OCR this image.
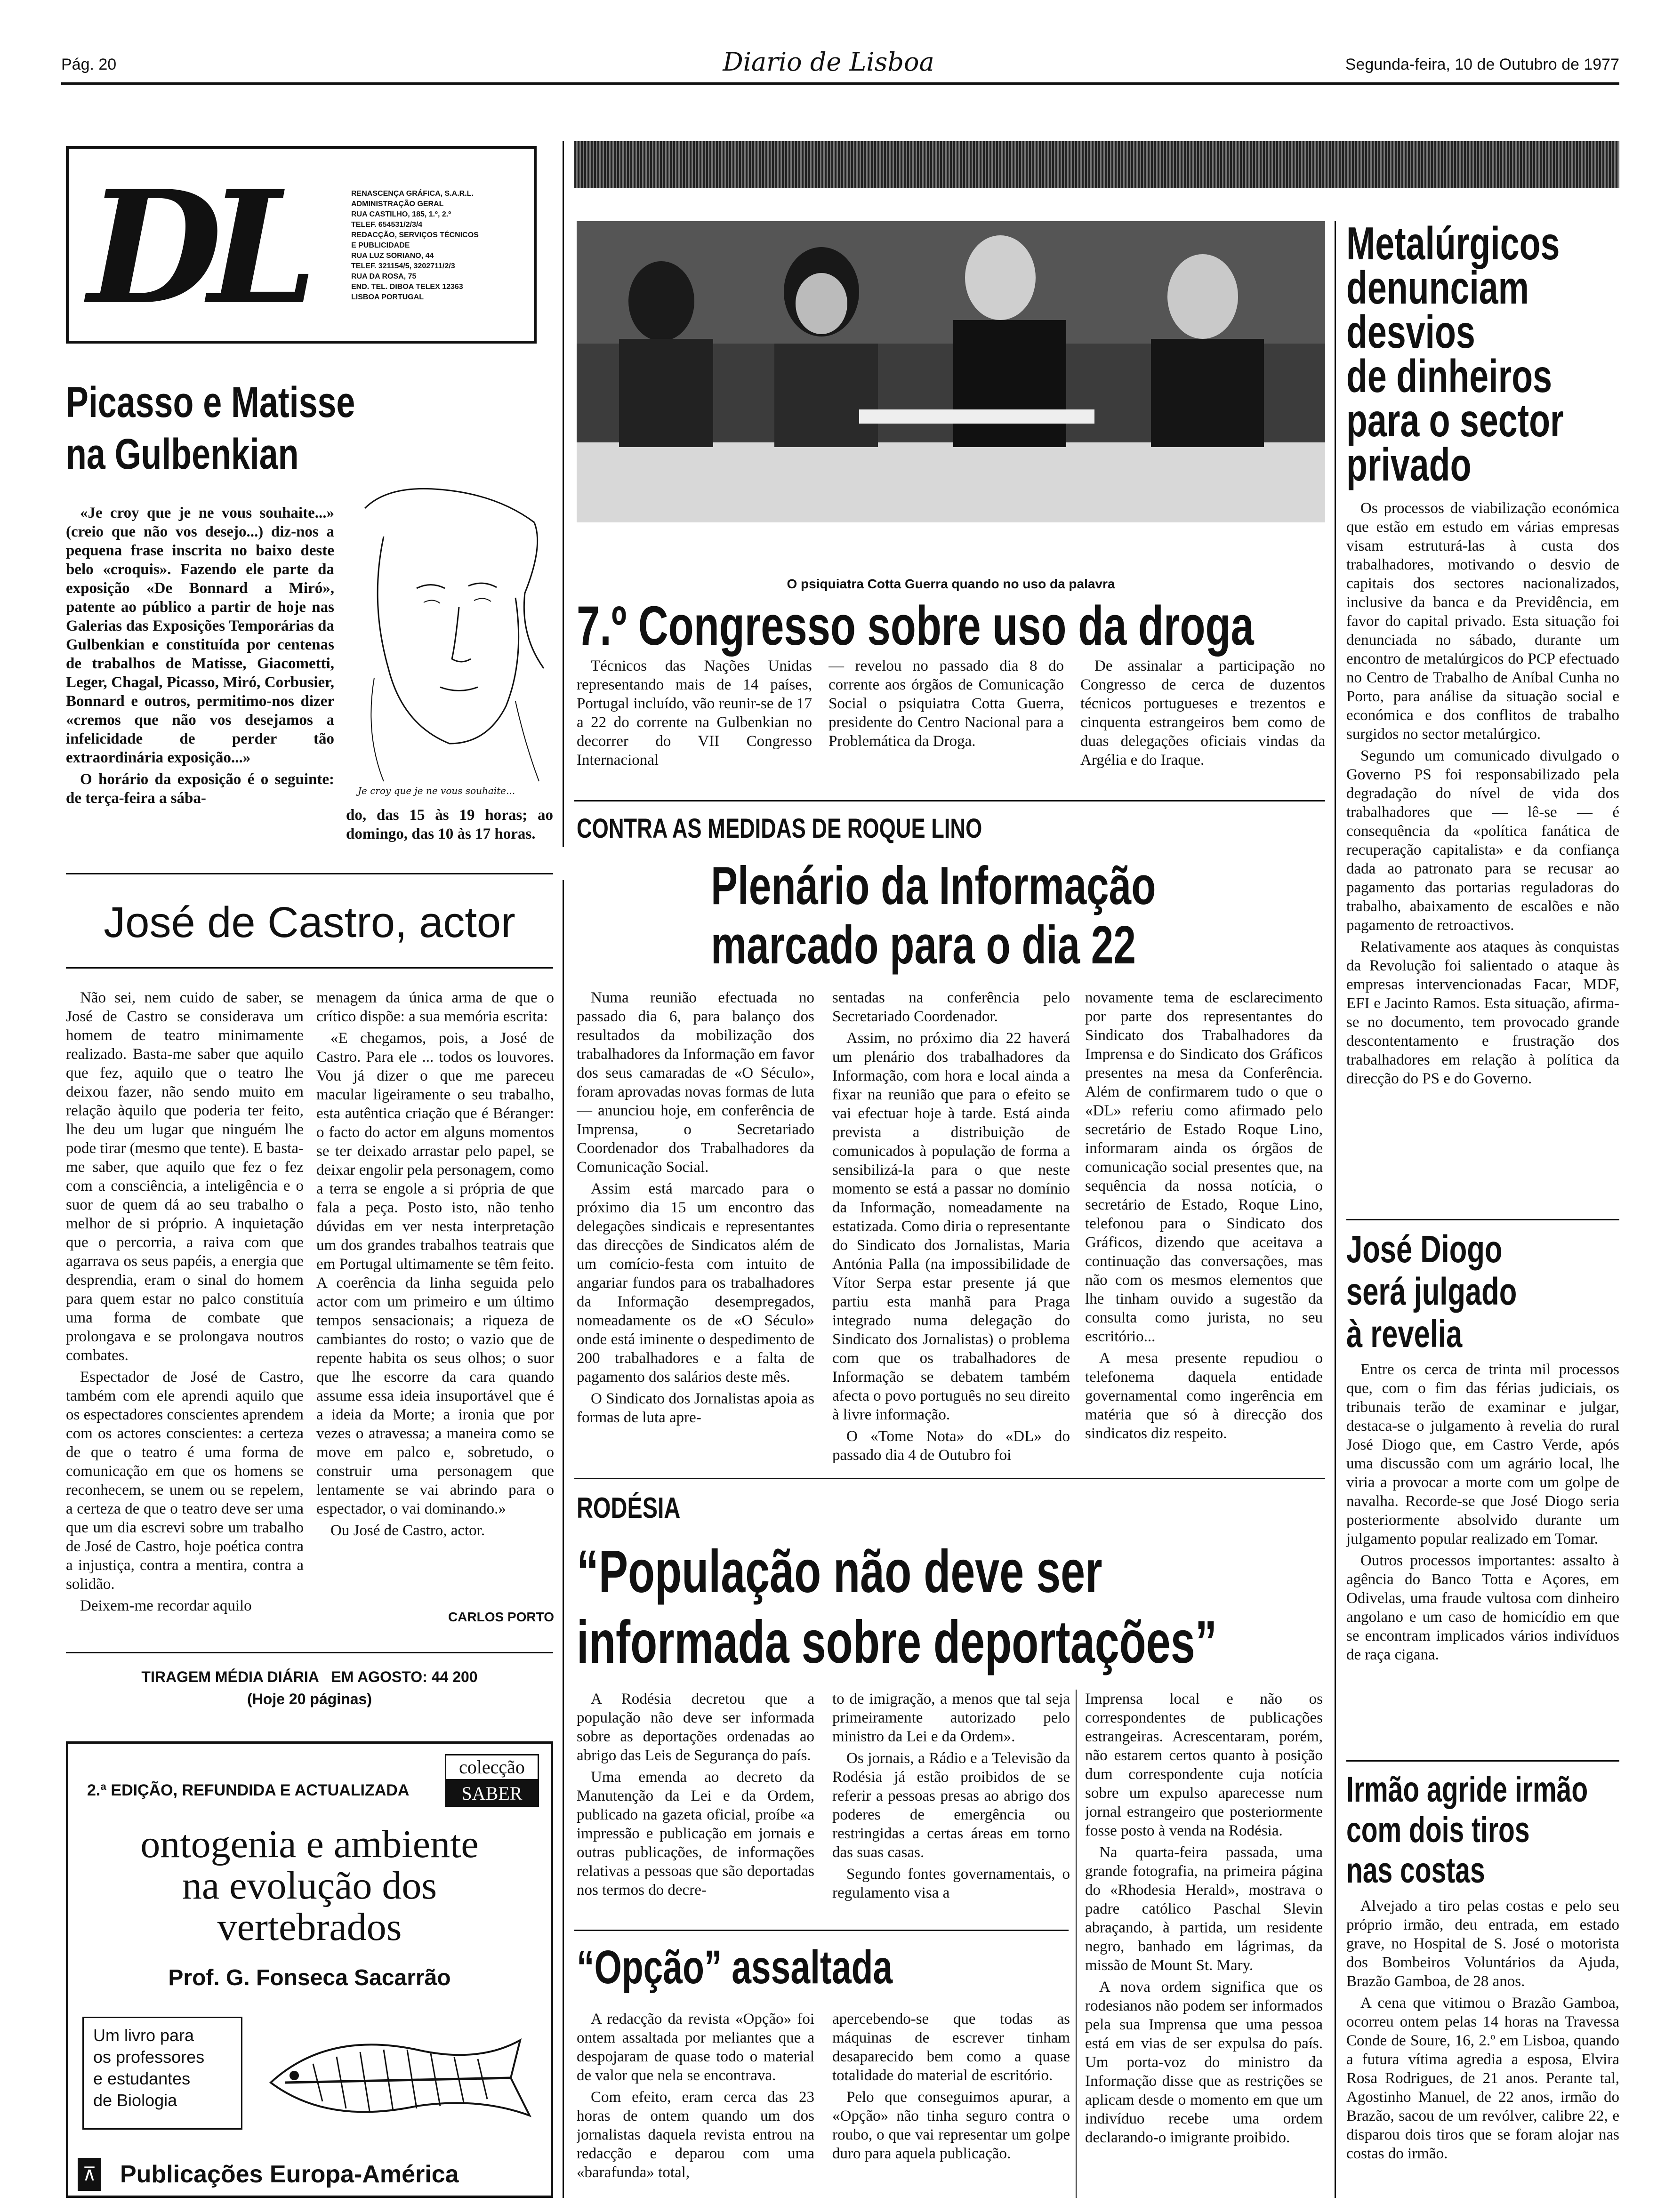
Pág. 20	Diario de Lisboa	Segunda-feira, 10 de Outubro de 1977
DL	RENASCENÇA GRÁFICA, S.A.R.L.
ADMINISTRAÇÃO GERAL
RUA CASTILHO, 185, 1.º, 2.º
TELEF. 654531/2/3/4
REDACÇÃO, SERVIÇOS TÉCNICOS
E PUBLICIDADE
RUA LUZ SORIANO, 44
TELEF. 321154/5, 3202711/2/3
RUA DA ROSA, 75
END. TEL. DIBOA TELEX 12363
LISBOA PORTUGAL
Picasso e Matisse
na Gulbenkian

«Je croy que je ne vous souhaite...» (creio que não vos desejo...) diz-nos a pequena frase inscrita no baixo deste belo «croquis». Fazendo ele parte da exposição «De Bonnard a Miró», patente ao público a partir de hoje nas Galerias das Exposições Temporárias da Gulbenkian e constituída por centenas de trabalhos de Matisse, Giacometti, Leger, Chagal, Picasso, Miró, Corbusier, Bonnard e outros, permitimo-nos dizer «cremos que não vos desejamos a infelicidade de perder tão extraordinária exposição...»

O horário da exposição é o seguinte: de terça-feira a sába-	Je croy que je ne vous souhaite...

do, das 15 às 19 horas; ao domingo, das 10 às 17 horas.

O psiquiatra Cotta Guerra quando no uso da palavra
7.º Congresso sobre uso da droga

Técnicos das Nações Unidas representando mais de 14 países, Portugal incluído, vão reunir-se de 17 a 22 do corrente na Gulbenkian no decorrer do VII Congresso Internacional

— revelou no passado dia 8 do corrente aos órgãos de Comunicação Social o psiquiatra Cotta Guerra, presidente do Centro Nacional para a Problemática da Droga.

De assinalar a participação no Congresso de cerca de duzentos técnicos portugueses e trezentos e cinquenta estrangeiros bem como de duas delegações oficiais vindas da Argélia e do Iraque.

Metalúrgicos
denunciam
desvios
de dinheiros
para o sector
privado

Os processos de viabilização económica que estão em estudo em várias empresas visam estruturá-las à custa dos trabalhadores, motivando o desvio de capitais dos sectores nacionalizados, inclusive da banca e da Previdência, em favor do capital privado. Esta situação foi denunciada no sábado, durante um encontro de metalúrgicos do PCP efectuado no Centro de Trabalho de Aníbal Cunha no Porto, para análise da situação social e económica e dos conflitos de trabalho surgidos no sector metalúrgico.

Segundo um comunicado divulgado o Governo PS foi responsabilizado pela degradação do nível de vida dos trabalhadores que — lê-se — é consequência da «política fanática de recuperação capitalista» e da confiança dada ao patronato para se recusar ao pagamento das portarias reguladoras do trabalho, abaixamento de escalões e não pagamento de retroactivos.

Relativamente aos ataques às conquistas da Revolução foi salientado o ataque às empresas intervencionadas Facar, MDF, EFI e Jacinto Ramos. Esta situação, afirma-se no documento, tem provocado grande descontentamento e frustração dos trabalhadores em relação à política da direcção do PS e do Governo.

José Diogo
será julgado
à revelia

Entre os cerca de trinta mil processos que, com o fim das férias judiciais, os tribunais terão de examinar e julgar, destaca-se o julgamento à revelia do rural José Diogo que, em Castro Verde, após uma discussão com um agrário local, lhe viria a provocar a morte com um golpe de navalha. Recorde-se que José Diogo seria posteriormente absolvido durante um julgamento popular realizado em Tomar.

Outros processos importantes: assalto à agência do Banco Totta e Açores, em Odivelas, uma fraude vultosa com dinheiro angolano e um caso de homicídio em que se encontram implicados vários indivíduos de raça cigana.

Irmão agride irmão
com dois tiros
nas costas

Alvejado a tiro pelas costas e pelo seu próprio irmão, deu entrada, em estado grave, no Hospital de S. José o motorista dos Bombeiros Voluntários da Ajuda, Brazão Gamboa, de 28 anos.

A cena que vitimou o Brazão Gamboa, ocorreu ontem pelas 14 horas na Travessa Conde de Soure, 16, 2.º em Lisboa, quando a futura vítima agredia a esposa, Elvira Rosa Rodrigues, de 21 anos. Perante tal, Agostinho Manuel, de 22 anos, irmão do Brazão, sacou de um revólver, calibre 22, e disparou dois tiros que se foram alojar nas costas do irmão.

José de Castro, actor

Não sei, nem cuido de saber, se José de Castro se considerava um homem de teatro minimamente realizado. Basta-me saber que aquilo que fez, aquilo que o teatro lhe deixou fazer, não sendo muito em relação àquilo que poderia ter feito, lhe deu um lugar que ninguém lhe pode tirar (mesmo que tente). E basta-me saber, que aquilo que fez o fez com a consciência, a inteligência e o suor de quem dá ao seu trabalho o melhor de si próprio. A inquietação que o percorria, a raiva com que agarrava os seus papéis, a energia que desprendia, eram o sinal do homem para quem estar no palco constituía uma forma de combate que prolongava e se prolongava noutros combates.

Espectador de José de Castro, também com ele aprendi aquilo que os espectadores conscientes aprendem com os actores conscientes: a certeza de que o teatro é uma forma de comunicação em que os homens se reconhecem, se unem ou se repelem, a certeza de que o teatro deve ser uma que um dia escrevi sobre um trabalho de José de Castro, hoje poética contra a injustiça, contra a mentira, contra a solidão.

Deixem-me recordar aquilo

menagem da única arma de que o crítico dispõe: a sua memória escrita:

«E chegamos, pois, a José de Castro. Para ele ... todos os louvores. Vou já dizer o que me pareceu macular ligeiramente o seu trabalho, esta autêntica criação que é Béranger: o facto do actor em alguns momentos se ter deixado arrastar pelo papel, se deixar engolir pela personagem, como a terra se engole a si própria de que fala a peça. Posto isto, não tenho dúvidas em ver nesta interpretação um dos grandes trabalhos teatrais que em Portugal ultimamente se têm feito. A coerência da linha seguida pelo actor com um primeiro e um último tempos sensacionais; a riqueza de cambiantes do rosto; o vazio que de repente habita os seus olhos; o suor que lhe escorre da cara quando assume essa ideia insuportável que é a ideia da Morte; a ironia que por vezes o atravessa; a maneira como se move em palco e, sobretudo, o construir uma personagem que lentamente se vai abrindo para o espectador, o vai dominando.»

Ou José de Castro, actor.

CARLOS PORTO
TIRAGEM MÉDIA DIÁRIA   EM AGOSTO: 44 200
(Hoje 20 páginas)
2.ª EDIÇÃO, REFUNDIDA E ACTUALIZADA
colecção
SABER
ontogenia e ambiente
na evolução dos
vertebrados
Prof. G. Fonseca Sacarrão
Um livro para
os professores
e estudantes
de Biologia
⊼ Publicações Europa-América
CONTRA AS MEDIDAS DE ROQUE LINO
Plenário da Informação
marcado para o dia 22

Numa reunião efectuada no passado dia 6, para balanço dos resultados da mobilização dos trabalhadores da Informação em favor dos seus camaradas de «O Século», foram aprovadas novas formas de luta — anunciou hoje, em conferência de Imprensa, o Secretariado Coordenador dos Trabalhadores da Comunicação Social.

Assim está marcado para o próximo dia 15 um encontro das delegações sindicais e representantes das direcções de Sindicatos além de um comício-festa com intuito de angariar fundos para os trabalhadores da Informação desempregados, nomeadamente os de «O Século» onde está iminente o despedimento de 200 trabalhadores e a falta de pagamento dos salários deste mês.

O Sindicato dos Jornalistas apoia as formas de luta apre-

sentadas na conferência pelo Secretariado Coordenador.

Assim, no próximo dia 22 haverá um plenário dos trabalhadores da Informação, com hora e local ainda a fixar na reunião que para o efeito se vai efectuar hoje à tarde. Está ainda prevista a distribuição de comunicados à população de forma a sensibilizá-la para o que neste momento se está a passar no domínio da Informação, nomeadamente na estatizada. Como diria o representante do Sindicato dos Jornalistas, Maria Antónia Palla (na impossibilidade de Vítor Serpa estar presente já que partiu esta manhã para Praga integrado numa delegação do Sindicato dos Jornalistas) o problema com que os trabalhadores de Informação se debatem também afecta o povo português no seu direito à livre informação.

O «Tome Nota» do «DL» do passado dia 4 de Outubro foi

novamente tema de esclarecimento por parte dos representantes do Sindicato dos Trabalhadores da Imprensa e do Sindicato dos Gráficos presentes na mesa da Conferência. Além de confirmarem tudo o que o «DL» referiu como afirmado pelo secretário de Estado Roque Lino, informaram ainda os órgãos de comunicação social presentes que, na sequência da nossa notícia, o secretário de Estado, Roque Lino, telefonou para o Sindicato dos Gráficos, dizendo que aceitava a continuação das conversações, mas não com os mesmos elementos que lhe tinham ouvido a sugestão da consulta como jurista, no seu escritório...

A mesa presente repudiou o telefonema daquela entidade governamental como ingerência em matéria que só à direcção dos sindicatos diz respeito.

RODÉSIA
“População não deve ser
informada sobre deportações”

A Rodésia decretou que a população não deve ser informada sobre as deportações ordenadas ao abrigo das Leis de Segurança do país.

Uma emenda ao decreto da Manutenção da Lei e da Ordem, publicado na gazeta oficial, proíbe «a impressão e publicação em jornais e outras publicações, de informações relativas a pessoas que são deportadas nos termos do decre-

to de imigração, a menos que tal seja primeiramente autorizado pelo ministro da Lei e da Ordem».

Os jornais, a Rádio e a Televisão da Rodésia já estão proibidos de se referir a pessoas presas ao abrigo dos poderes de emergência ou restringidas a certas áreas em torno das suas casas.

Segundo fontes governamentais, o regulamento visa a

Imprensa local e não os correspondentes de publicações estrangeiras. Acrescentaram, porém, não estarem certos quanto à posição dum correspondente cuja notícia sobre um expulso aparecesse num jornal estrangeiro que posteriormente fosse posto à venda na Rodésia.

Na quarta-feira passada, uma grande fotografia, na primeira página do «Rhodesia Herald», mostrava o padre católico Paschal Slevin abraçando, à partida, um residente negro, banhado em lágrimas, da missão de Mount St. Mary.

A nova ordem significa que os rodesianos não podem ser informados pela sua Imprensa que uma pessoa está em vias de ser expulsa do país. Um porta-voz do ministro da Informação disse que as restrições se aplicam desde o momento em que um indivíduo recebe uma ordem declarando-o imigrante proibido.

“Opção” assaltada

A redacção da revista «Opção» foi ontem assaltada por meliantes que a despojaram de quase todo o material de valor que nela se encontrava.

Com efeito, eram cerca das 23 horas de ontem quando um dos jornalistas daquela revista entrou na redacção e deparou com uma «barafunda» total,

apercebendo-se que todas as máquinas de escrever tinham desaparecido bem como a quase totalidade do material de escritório.

Pelo que conseguimos apurar, a «Opção» não tinha seguro contra o roubo, o que vai representar um golpe duro para aquela publicação.
